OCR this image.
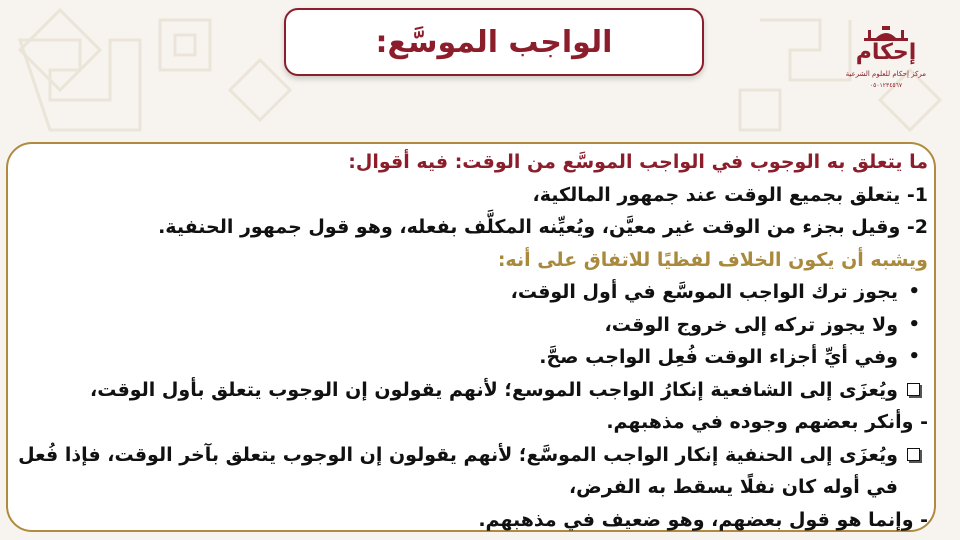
الواجب الموسَّع:	إحكام
مركز إحكام للعلوم الشرعية
٠٥٠١٢٣٤٥٦٧
ما يتعلق به الوجوب في الواجب الموسَّع من الوقت: فيه أقوال:
1- يتعلق بجميع الوقت عند جمهور المالكية،
2- وقيل بجزء من الوقت غير معيَّن، ويُعيِّنه المكلَّف بفعله، وهو قول جمهور الحنفية.
ويشبه أن يكون الخلاف لفظيًا للاتفاق على أنه:
•
يجوز ترك الواجب الموسَّع في أول الوقت،
•
ولا يجوز تركه إلى خروج الوقت،
•
وفي أيِّ أجزاء الوقت فُعِل الواجب صحَّ.
ويُعزَى إلى الشافعية إنكارُ الواجب الموسع؛ لأنهم يقولون إن الوجوب يتعلق بأول الوقت،
- وأنكر بعضهم وجوده في مذهبهم.
ويُعزَى إلى الحنفية إنكار الواجب الموسَّع؛ لأنهم يقولون إن الوجوب يتعلق بآخر الوقت، فإذا فُعل
في أوله كان نفلًا يسقط به الفرض،
- وإنما هو قول بعضهم، وهو ضعيف في مذهبهم.
